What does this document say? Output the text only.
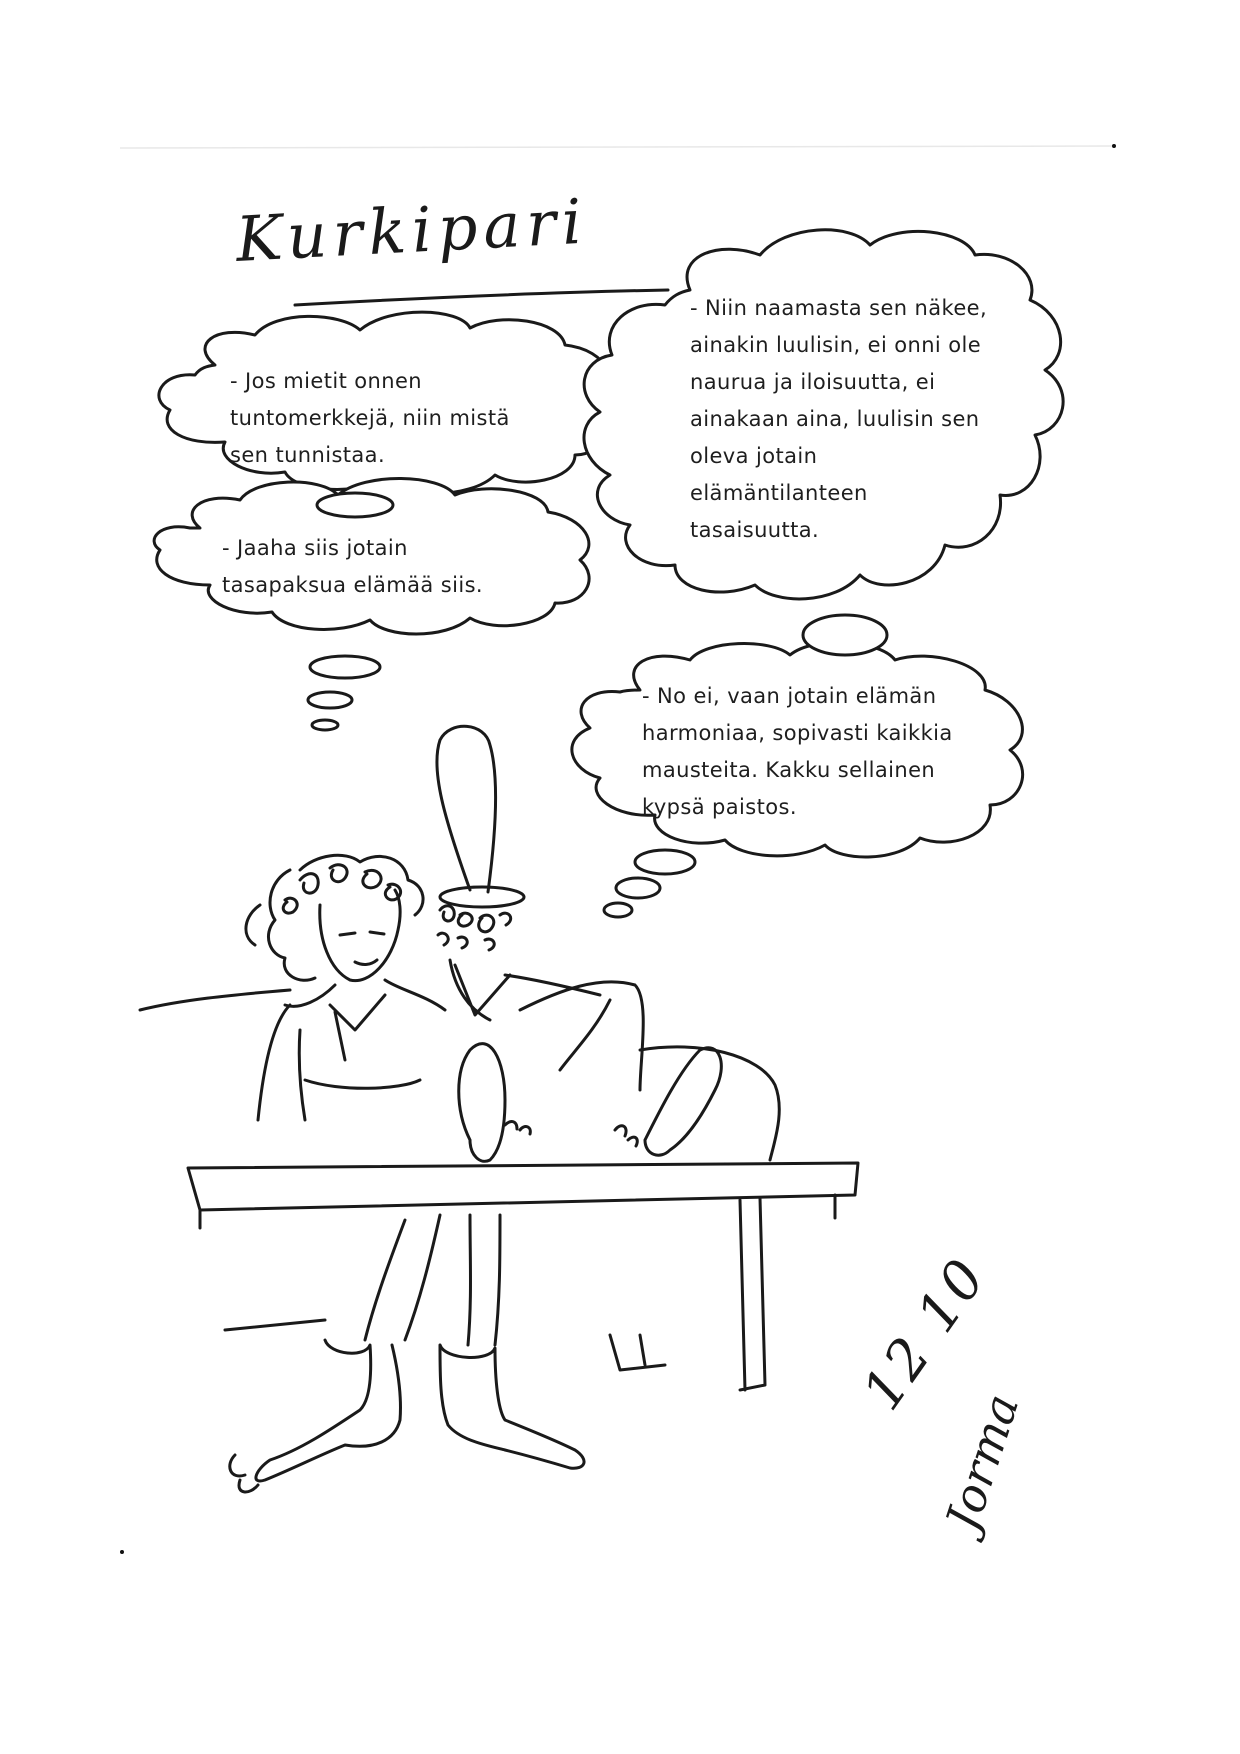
Kurkipari
- Jos mietit onnen
tuntomerkkejä, niin mistä
sen tunnistaa.
- Niin naamasta sen näkee,
ainakin luulisin, ei onni ole
naurua ja iloisuutta, ei
ainakaan aina, luulisin sen
oleva jotain
elämäntilanteen
tasaisuutta.
- Jaaha siis jotain
tasapaksua elämää siis.
- No ei, vaan jotain elämän
harmoniaa, sopivasti kaikkia
mausteita. Kakku sellainen
kypsä paistos.
12 10
Jorma
